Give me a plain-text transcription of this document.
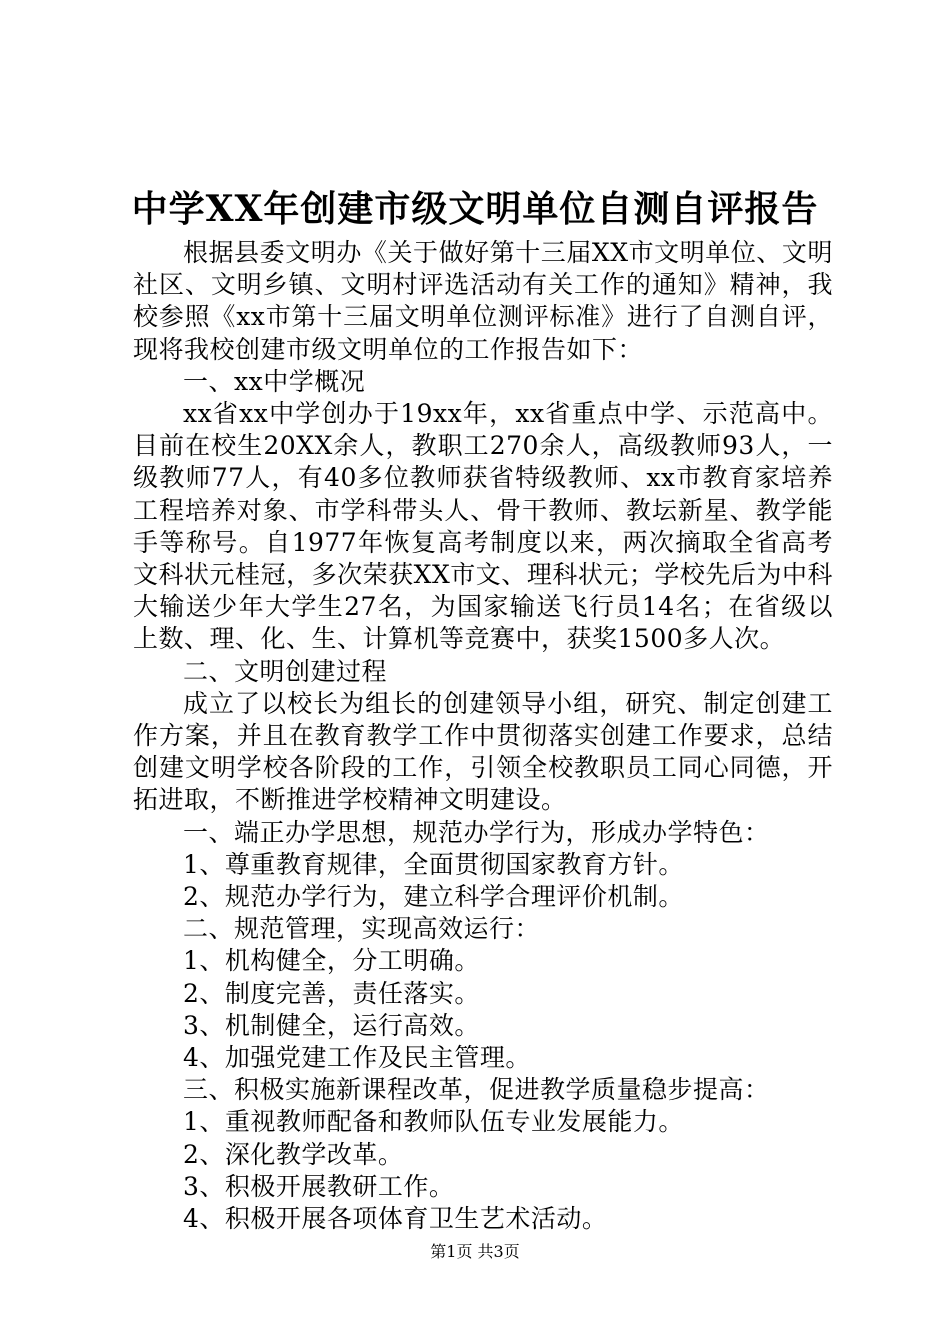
中学XX年创建市级文明单位自测自评报告

根据县委文明办《关于做好第十三届XX市文明单位、文明社区、文明乡镇、文明村评选活动有关工作的通知》精神，我校参照《xx市第十三届文明单位测评标准》进行了自测自评，现将我校创建市级文明单位的工作报告如下：

一、xx中学概况

xx省xx中学创办于19xx年，xx省重点中学、示范高中。目前在校生20XX余人，教职工270余人，高级教师93人，一级教师77人，有40多位教师获省特级教师、xx市教育家培养工程培养对象、市学科带头人、骨干教师、教坛新星、教学能手等称号。自1977年恢复高考制度以来，两次摘取全省高考文科状元桂冠，多次荣获XX市文、理科状元；学校先后为中科大输送少年大学生27名，为国家输送飞行员14名；在省级以上数、理、化、生、计算机等竞赛中，获奖1500多人次。

二、文明创建过程

成立了以校长为组长的创建领导小组，研究、制定创建工作方案，并且在教育教学工作中贯彻落实创建工作要求，总结创建文明学校各阶段的工作，引领全校教职员工同心同德，开拓进取，不断推进学校精神文明建设。

一、端正办学思想，规范办学行为，形成办学特色：

1、尊重教育规律，全面贯彻国家教育方针。

2、规范办学行为，建立科学合理评价机制。

二、规范管理，实现高效运行：

1、机构健全，分工明确。

2、制度完善，责任落实。

3、机制健全，运行高效。

4、加强党建工作及民主管理。

三、积极实施新课程改革，促进教学质量稳步提高：

1、重视教师配备和教师队伍专业发展能力。

2、深化教学改革。

3、积极开展教研工作。

4、积极开展各项体育卫生艺术活动。

第1页 共3页
